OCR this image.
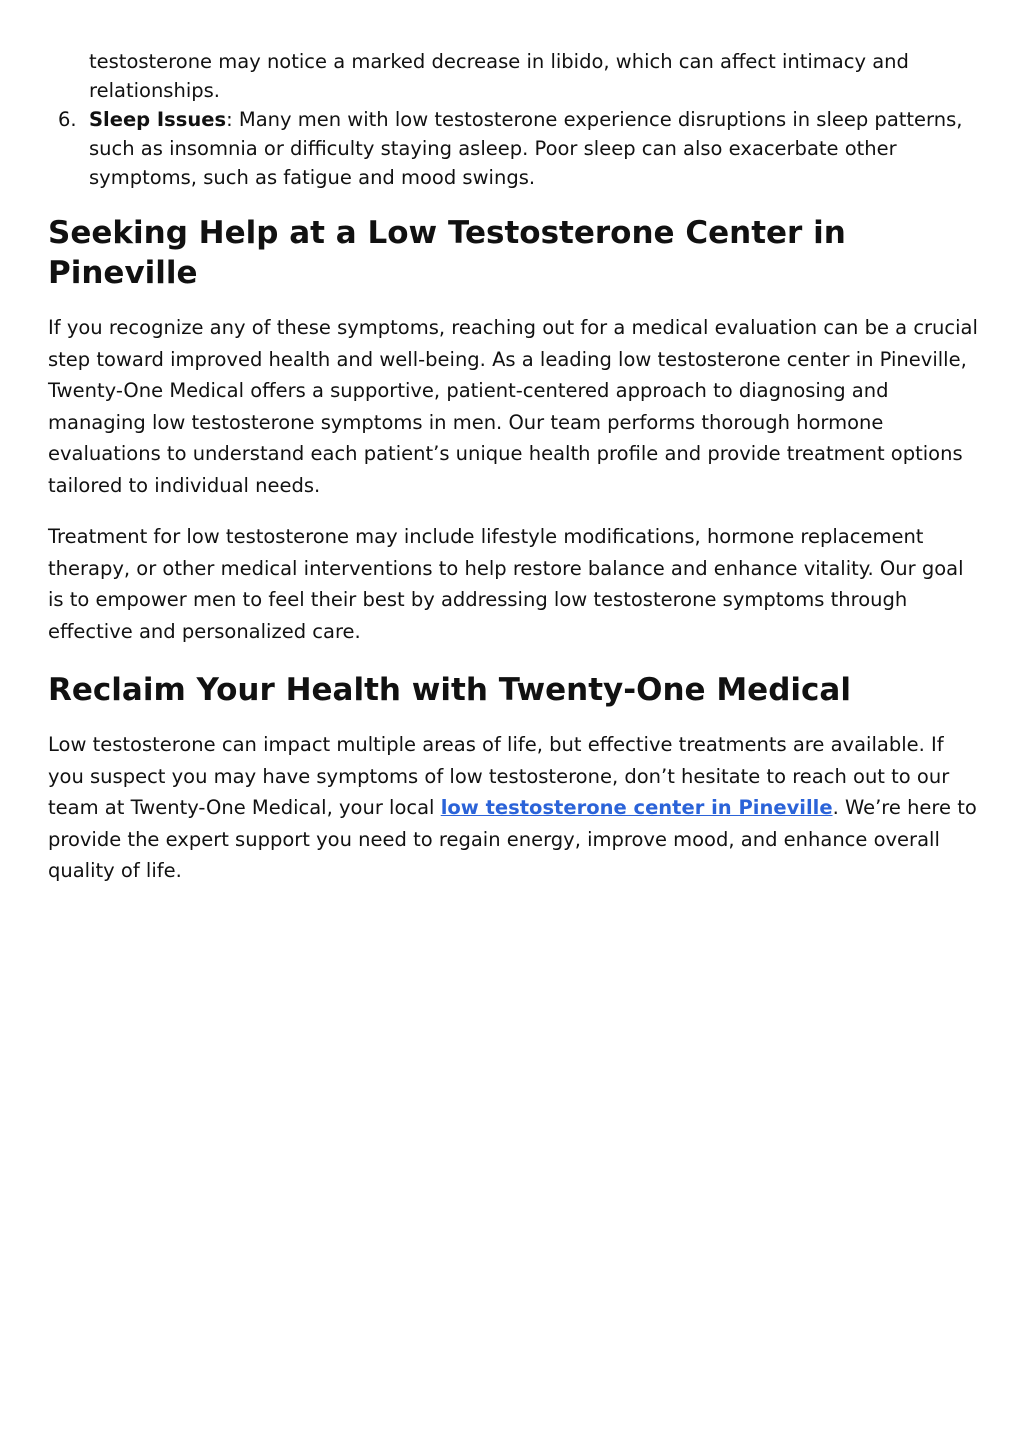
testosterone may notice a marked decrease in libido, which can affect intimacy and relationships.
6. Sleep Issues: Many men with low testosterone experience disruptions in sleep patterns, such as insomnia or difficulty staying asleep. Poor sleep can also exacerbate other symptoms, such as fatigue and mood swings.
Seeking Help at a Low Testosterone Center in Pineville

If you recognize any of these symptoms, reaching out for a medical evaluation can be a crucial step toward improved health and well-being. As a leading low testosterone center in Pineville, Twenty-One Medical offers a supportive, patient-centered approach to diagnosing and managing low testosterone symptoms in men. Our team performs thorough hormone evaluations to understand each patient’s unique health profile and provide treatment options tailored to individual needs.

Treatment for low testosterone may include lifestyle modifications, hormone replacement therapy, or other medical interventions to help restore balance and enhance vitality. Our goal is to empower men to feel their best by addressing low testosterone symptoms through effective and personalized care.

Reclaim Your Health with Twenty-One Medical

Low testosterone can impact multiple areas of life, but effective treatments are available. If you suspect you may have symptoms of low testosterone, don’t hesitate to reach out to our team at Twenty-One Medical, your local low testosterone center in Pineville. We’re here to provide the expert support you need to regain energy, improve mood, and enhance overall quality of life.
